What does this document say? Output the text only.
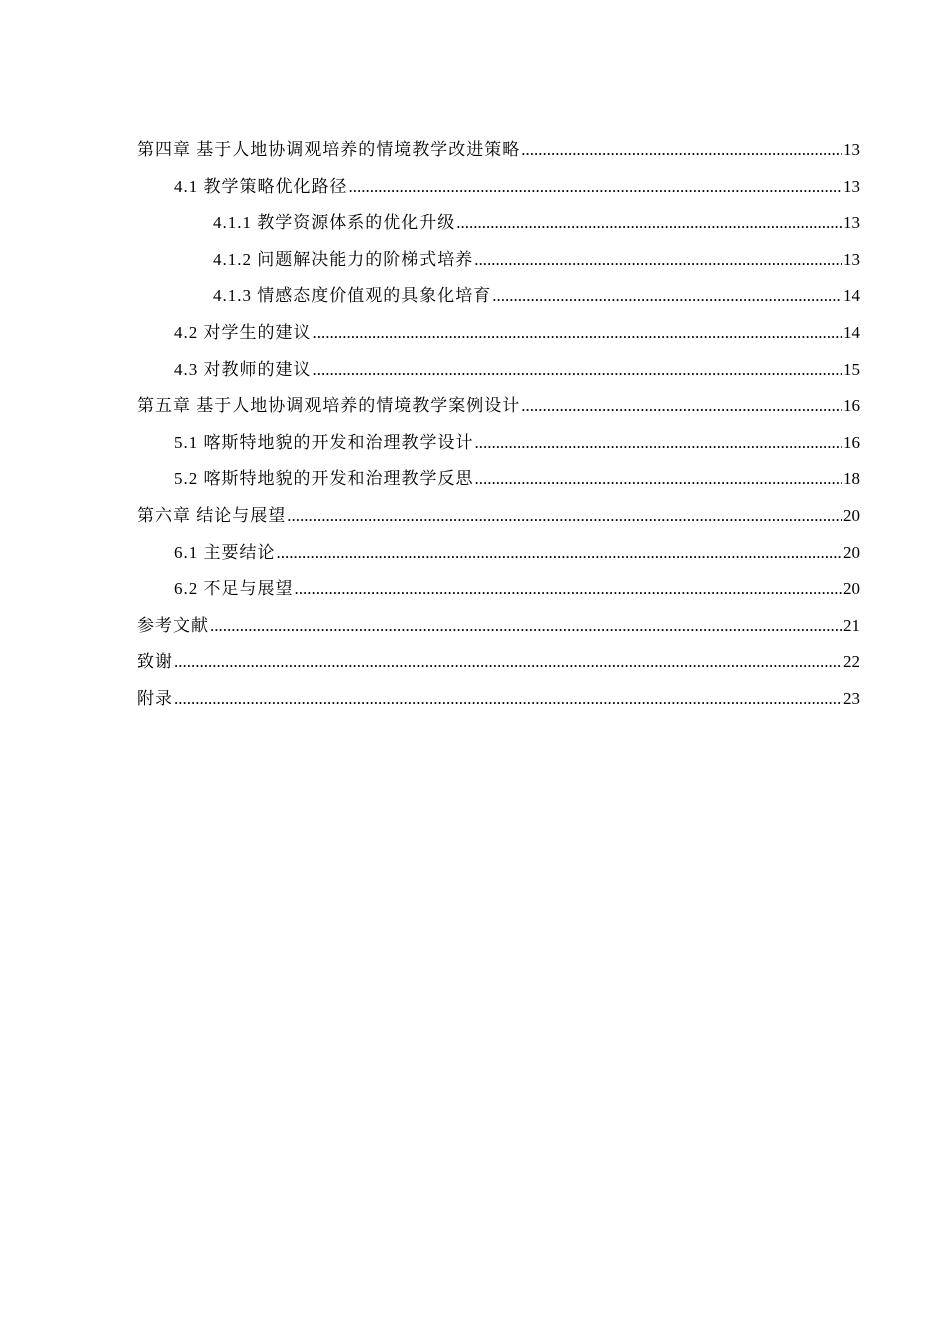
第四章 基于人地协调观培养的情境教学改进策略 .....	13
4.1 教学策略优化路径 .....	13
4.1.1 教学资源体系的优化升级 .....	13
4.1.2 问题解决能力的阶梯式培养 .....	13
4.1.3 情感态度价值观的具象化培育 .....	14
4.2 对学生的建议 .....	14
4.3 对教师的建议 .....	15
第五章 基于人地协调观培养的情境教学案例设计 .....	16
5.1 喀斯特地貌的开发和治理教学设计 .....	16
5.2 喀斯特地貌的开发和治理教学反思 .....	18
第六章 结论与展望 .....	20
6.1 主要结论 .....	20
6.2 不足与展望 .....	20
参考文献 .....	21
致谢 .....	22
附录 .....	23
